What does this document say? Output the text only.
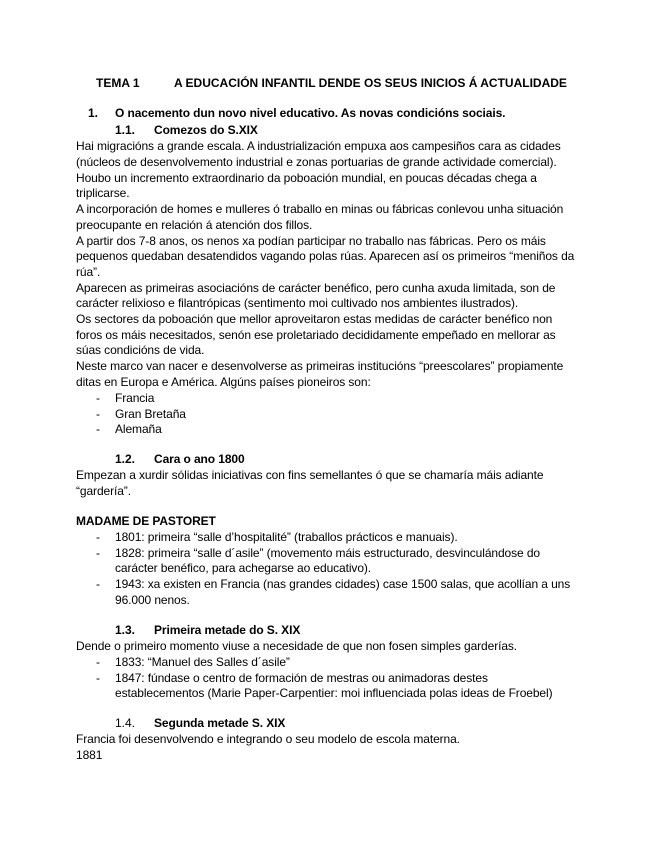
TEMA 1	A EDUCACIÓN INFANTIL DENDE OS SEUS INICIOS Á ACTUALIDADE
1. O nacemento dun novo nivel educativo. As novas condicións sociais.
1.1. Comezos do S.XIX
Hai migracións a grande escala. A industrialización empuxa aos campesiños cara as cidades
(núcleos de desenvolvemento industrial e zonas portuarias de grande actividade comercial).
Houbo un incremento extraordinario da poboación mundial, en poucas décadas chega a
triplicarse.
A incorporación de homes e mulleres ó traballo en minas ou fábricas conlevou unha situación
preocupante en relación á atención dos fillos.
A partir dos 7-8 anos, os nenos xa podían participar no traballo nas fábricas. Pero os máis
pequenos quedaban desatendidos vagando polas rúas. Aparecen así os primeiros “meniños da
rúa”.
Aparecen as primeiras asociacións de carácter benéfico, pero cunha axuda limitada, son de
carácter relixioso e filantrópicas (sentimento moi cultivado nos ambientes ilustrados).
Os sectores da poboación que mellor aproveitaron estas medidas de carácter benéfico non
foros os máis necesitados, senón ese proletariado decididamente empeñado en mellorar as
súas condicións de vida.
Neste marco van nacer e desenvolverse as primeiras institucións “preescolares” propiamente
ditas en Europa e América. Algúns países pioneiros son:
- Francia
- Gran Bretaña
- Alemaña
1.2. Cara o ano 1800
Empezan a xurdir sólidas iniciativas con fins semellantes ó que se chamaría máis adiante
“gardería”.
MADAME DE PASTORET
- 1801: primeira “salle d’hospitalité” (traballos prácticos e manuais).
- 1828: primeira “salle d´asile” (movemento máis estructurado, desvinculándose do
carácter benéfico, para achegarse ao educativo).
- 1943: xa existen en Francia (nas grandes cidades) case 1500 salas, que acollían a uns
96.000 nenos.
1.3. Primeira metade do S. XIX
Dende o primeiro momento viuse a necesidade de que non fosen simples garderías.
- 1833: “Manuel des Salles d´asile”
- 1847: fúndase o centro de formación de mestras ou animadoras destes
establecementos (Marie Paper-Carpentier: moi influenciada polas ideas de Froebel)
1.4. Segunda metade S. XIX
Francia foi desenvolvendo e integrando o seu modelo de escola materna.
1881
